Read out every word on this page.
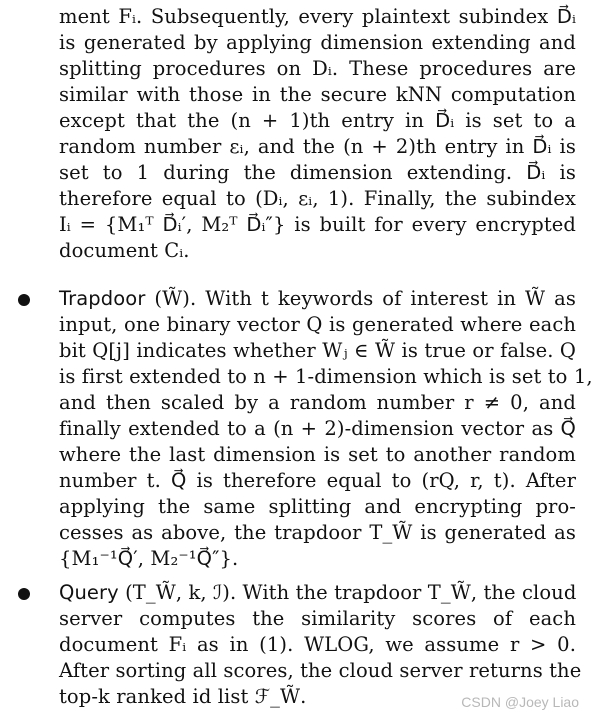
ment Fᵢ. Subsequently, every plaintext subindex D⃗ᵢ
is generated by applying dimension extending and
splitting procedures on Dᵢ. These procedures are
similar with those in the secure kNN computation
except that the (n + 1)th entry in D⃗ᵢ is set to a
random number εᵢ, and the (n + 2)th entry in D⃗ᵢ is
set to 1 during the dimension extending. D⃗ᵢ is
therefore equal to (Dᵢ, εᵢ, 1). Finally, the subindex
Iᵢ = {M₁ᵀ D⃗ᵢ′, M₂ᵀ D⃗ᵢ″} is built for every encrypted
document Cᵢ.
Trapdoor (W̃). With t keywords of interest in W̃ as
input, one binary vector Q is generated where each
bit Q[j] indicates whether Wⱼ ∈ W̃ is true or false. Q
is first extended to n + 1-dimension which is set to 1,
and then scaled by a random number r ≠ 0, and
finally extended to a (n + 2)-dimension vector as Q⃗
where the last dimension is set to another random
number t. Q⃗ is therefore equal to (rQ, r, t). After
applying the same splitting and encrypting pro-
cesses as above, the trapdoor T_W̃ is generated as
{M₁⁻¹Q⃗′, M₂⁻¹Q⃗″}.
Query (T_W̃, k, ℐ). With the trapdoor T_W̃, the cloud
server computes the similarity scores of each
document Fᵢ as in (1). WLOG, we assume r > 0.
After sorting all scores, the cloud server returns the
top-k ranked id list ℱ_W̃.	CSDN @Joey Liao
